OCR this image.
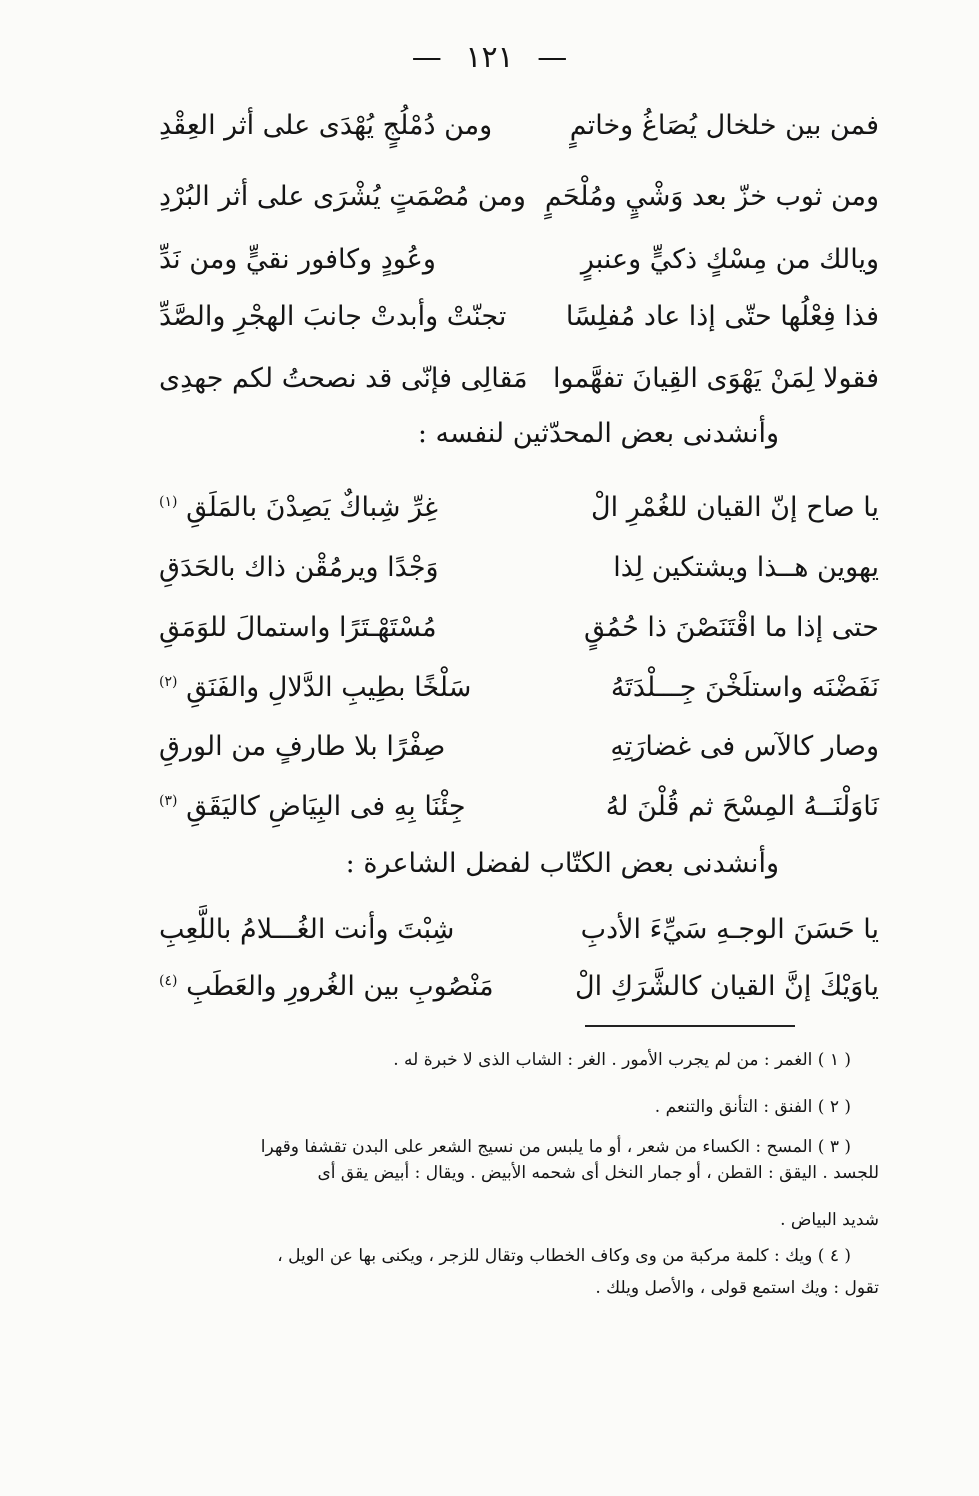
— ١٢١ —
فمن بين خلخال يُصَاغُ وخاتمٍ
ومن دُمْلُجٍ يُهْدَى على أثر العِقْدِ
ومن ثوب خزّ بعد وَشْيٍ ومُلْحَمٍ
ومن مُصْمَتٍ يُشْرَى على أثر البُرْدِ
ويالك من مِسْكٍ ذكيٍّ وعنبرٍ
وعُودٍ وكافور نقيٍّ ومن نَدِّ
فذا فِعْلُها حتّى إذا عاد مُفلِسًا
تجنّتْ وأبدتْ جانبَ الهجْرِ والصَّدِّ
فقولا لِمَنْ يَهْوَى القِيانَ تفهَّموا
مَقالِى فإنّى قد نصحتُ لكم جهدِى
وأنشدنى بعض المحدّثين لنفسه :
يا صاح إنّ القيان للغُمْرِ الْ
غِرِّ شِباكٌ يَصِدْنَ بالمَلَقِ $^{(١)}$
يهوين هــذا ويشتكين لِذا
وَجْدًا ويرمُقْن ذاك بالحَدَقِ
حتى إذا ما اقْتَنَصْنَ ذا حُمُقٍ
مُسْتَهْـتَرًا واستمالَ للوَمَقِ
نَفَضْنَه واستلَخْنَ جِـــلْدَتَهُ
سَلْخًا بطِيبِ الدَّلالِ والفَنَقِ $^{(٢)}$
وصار كالآس فى غضارَتِهِ
صِفْرًا بلا طارفٍ من الورقِ
نَاوَلْنَــهُ المِسْحَ ثم قُلْنَ لهُ
جِئْنَا بِهِ فى البِيَاضِ كاليَقَقِ $^{(٣)}$
وأنشدنى بعض الكتّاب لفضل الشاعرة :
يا حَسَنَ الوجـهِ سَيِّءَ الأدبِ
شِبْتَ وأنت الغُـــلامُ باللَّعِبِ
ياوَيْكَ إنَّ القيان كالشَّرَكِ الْ
مَنْصُوبِ بين الغُرورِ والعَطَبِ $^{(٤)}$
( ١ ) الغمر : من لم يجرب الأمور . الغر : الشاب الذى لا خبرة له .
( ٢ ) الفنق : التأنق والتنعم .
( ٣ ) المسح : الكساء من شعر ، أو ما يلبس من نسيج الشعر على البدن تقشفا وقهرا
للجسد . اليقق : القطن ، أو جمار النخل أى شحمه الأبيض . ويقال : أبيض يقق أى
شديد البياض .
( ٤ ) ويك : كلمة مركبة من وى وكاف الخطاب وتقال للزجر ، ويكنى بها عن الويل ،
تقول : ويك استمع قولى ، والأصل ويلك .
